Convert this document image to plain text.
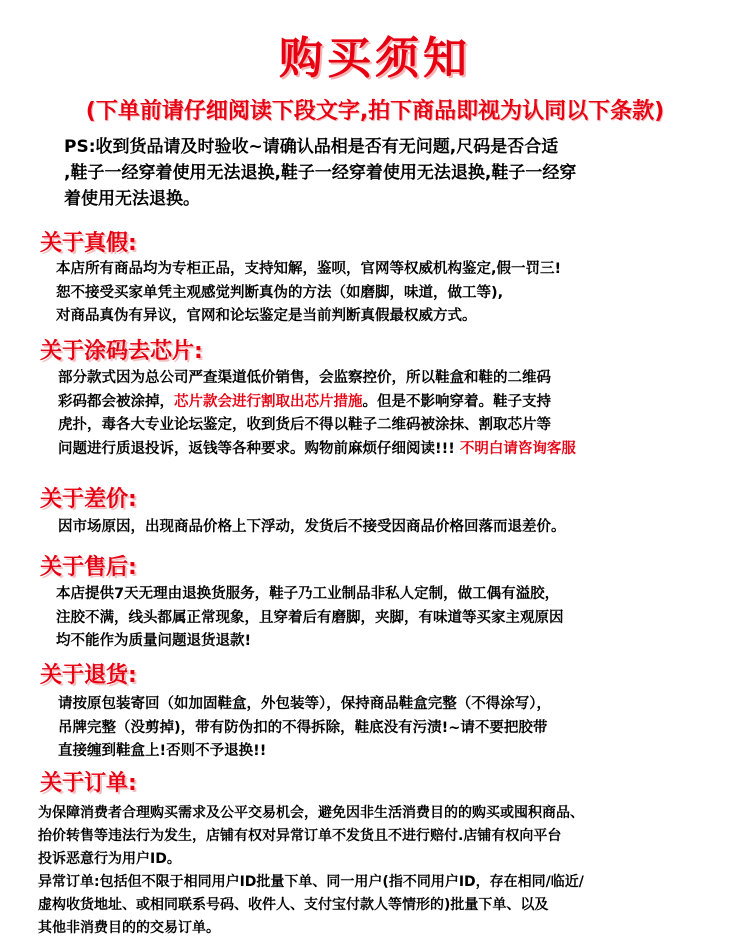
购买须知
(下单前请仔细阅读下段文字,拍下商品即视为认同以下条款)
PS:收到货品请及时验收~请确认品相是否有无问题,尺码是否合适
,鞋子一经穿着使用无法退换,鞋子一经穿着使用无法退换,鞋子一经穿
着使用无法退换。
关于真假:
本店所有商品均为专柜正品，支持知解，鉴呗，官网等权威机构鉴定,假一罚三!
恕不接受买家单凭主观感觉判断真伪的方法（如磨脚，味道，做工等),
对商品真伪有异议，官网和论坛鉴定是当前判断真假最权威方式。
关于涂码去芯片:
部分款式因为总公司严查渠道低价销售，会监察控价，所以鞋盒和鞋的二维码
彩码都会被涂掉，芯片款会进行割取出芯片措施。但是不影响穿着。鞋子支持
虎扑，毒各大专业论坛鉴定，收到货后不得以鞋子二维码被涂抹、割取芯片等
问题进行质退投诉，返钱等各种要求。购物前麻烦仔细阅读!!! 不明白请咨询客服
关于差价:
因市场原因，出现商品价格上下浮动，发货后不接受因商品价格回落而退差价。
关于售后:
本店提供7天无理由退换货服务，鞋子乃工业制品非私人定制，做工偶有溢胶，
注胶不满，线头都属正常现象，且穿着后有磨脚，夹脚，有味道等买家主观原因
均不能作为质量问题退货退款!
关于退货:
请按原包装寄回（如加固鞋盒，外包装等），保持商品鞋盒完整（不得涂写），
吊牌完整（没剪掉)，带有防伪扣的不得拆除，鞋底没有污渍!~请不要把胶带
直接缠到鞋盒上!否则不予退换!!
关于订单:
为保障消费者合理购买需求及公平交易机会，避免因非生活消费目的的购买或囤积商品、
抬价转售等违法行为发生，店铺有权对异常订单不发货且不进行赔付.店铺有权向平台
投诉恶意行为用户ID。
异常订单:包括但不限于相同用户ID批量下单、同一用户(指不同用户ID，存在相同/临近/
虚构收货地址、或相同联系号码、收件人、支付宝付款人等情形的)批量下单、以及
其他非消费目的的交易订单。
